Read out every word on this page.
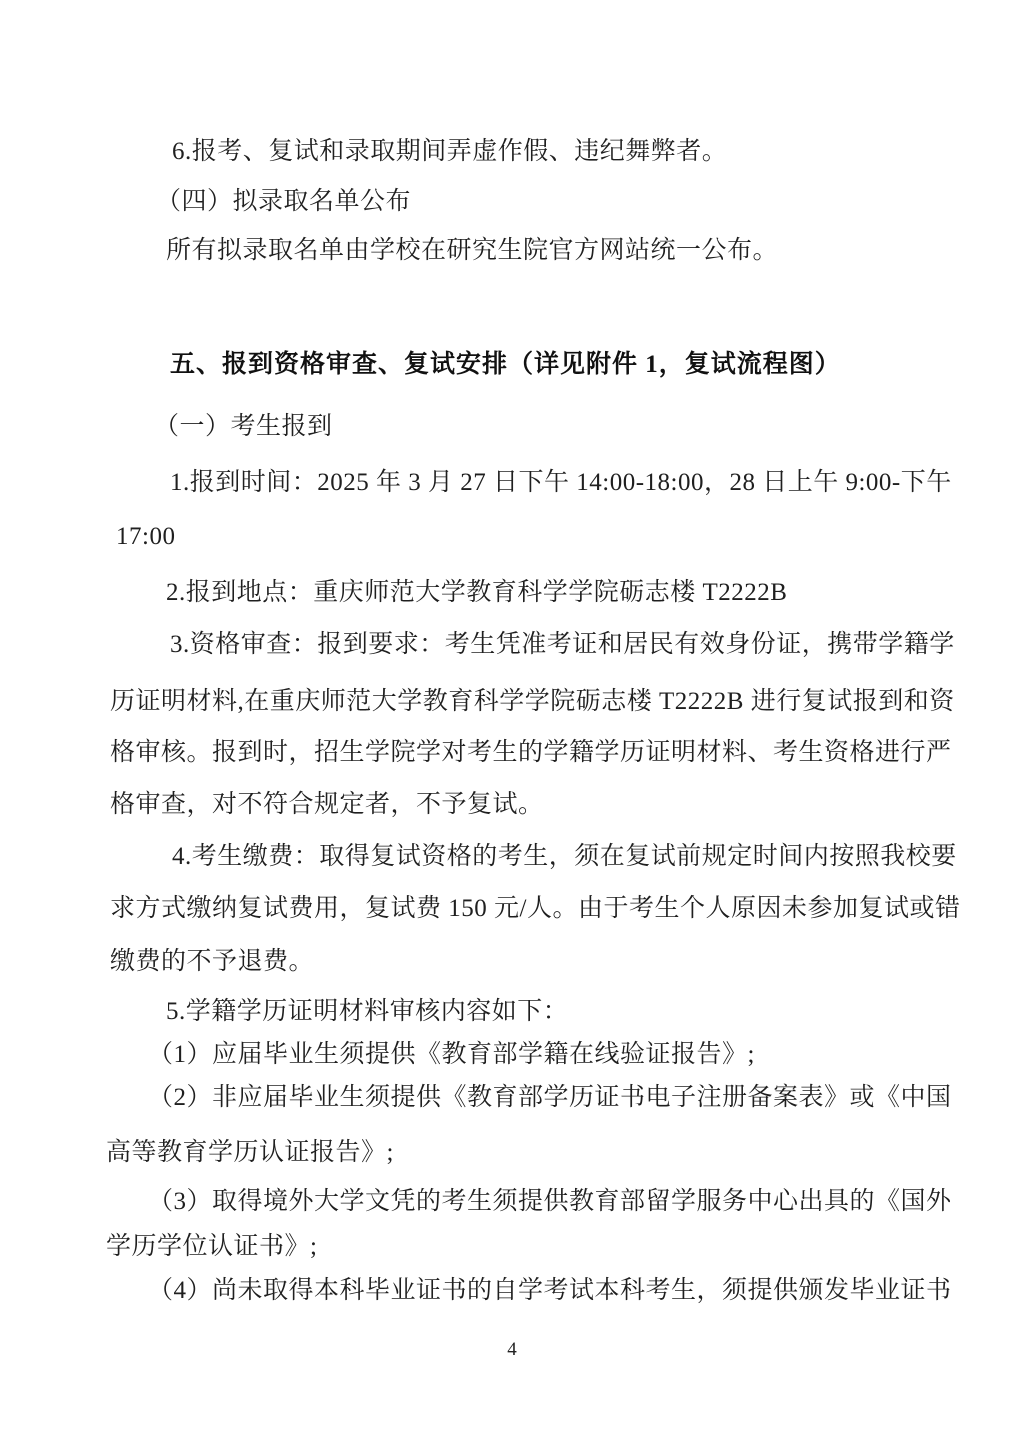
6.报考、复试和录取期间弄虚作假、违纪舞弊者。
（四）拟录取名单公布
所有拟录取名单由学校在研究生院官方网站统一公布。
五、报到资格审查、复试安排（详见附件 1，复试流程图）
（一）考生报到
1.报到时间：2025 年 3 月 27 日下午 14:00-18:00，28 日上午 9:00-下午
17:00
2.报到地点：重庆师范大学教育科学学院砺志楼 T2222B
3.资格审查：报到要求：考生凭准考证和居民有效身份证，携带学籍学
历证明材料,在重庆师范大学教育科学学院砺志楼 T2222B 进行复试报到和资
格审核。报到时，招生学院学对考生的学籍学历证明材料、考生资格进行严
格审查，对不符合规定者，不予复试。
4.考生缴费：取得复试资格的考生，须在复试前规定时间内按照我校要
求方式缴纳复试费用，复试费 150 元/人。由于考生个人原因未参加复试或错
缴费的不予退费。
5.学籍学历证明材料审核内容如下：
（1）应届毕业生须提供《教育部学籍在线验证报告》;
（2）非应届毕业生须提供《教育部学历证书电子注册备案表》或《中国
高等教育学历认证报告》;
（3）取得境外大学文凭的考生须提供教育部留学服务中心出具的《国外
学历学位认证书》;
（4）尚未取得本科毕业证书的自学考试本科考生，须提供颁发毕业证书
4
